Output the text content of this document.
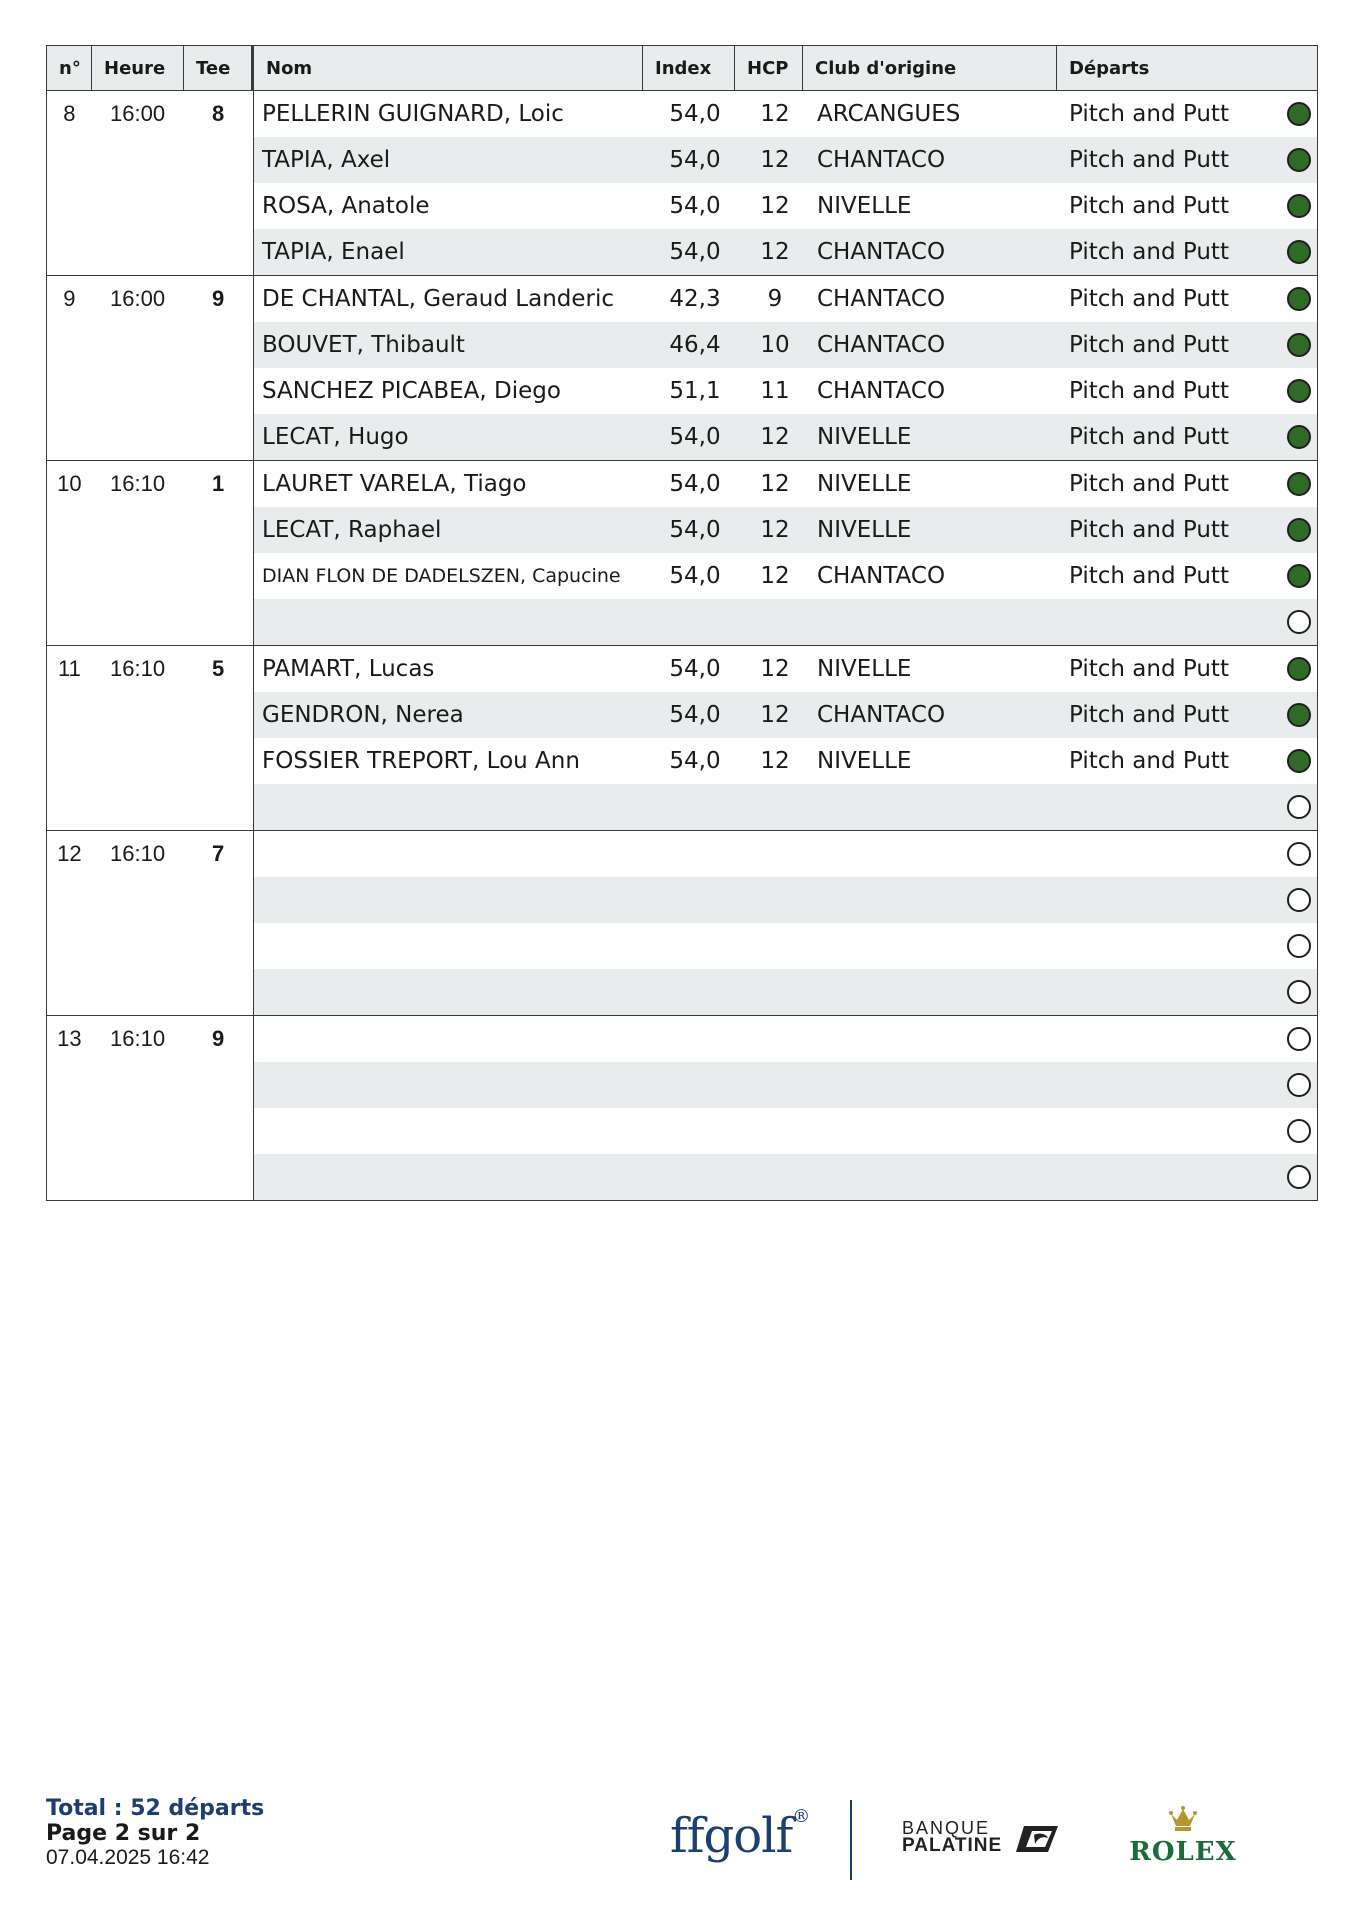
n°	Heure	Tee	Nom	Index	HCP	Club d'origine	Départs
8	16:00	8	PELLERIN GUIGNARD, Loic	54,0	12	ARCANGUES	Pitch and Putt
TAPIA, Axel	54,0	12	CHANTACO	Pitch and Putt
ROSA, Anatole	54,0	12	NIVELLE	Pitch and Putt
TAPIA, Enael	54,0	12	CHANTACO	Pitch and Putt
9	16:00	9	DE CHANTAL, Geraud Landeric	42,3	9	CHANTACO	Pitch and Putt
BOUVET, Thibault	46,4	10	CHANTACO	Pitch and Putt
SANCHEZ PICABEA, Diego	51,1	11	CHANTACO	Pitch and Putt
LECAT, Hugo	54,0	12	NIVELLE	Pitch and Putt
10	16:10	1	LAURET VARELA, Tiago	54,0	12	NIVELLE	Pitch and Putt
LECAT, Raphael	54,0	12	NIVELLE	Pitch and Putt
DIAN FLON DE DADELSZEN, Capucine	54,0	12	CHANTACO	Pitch and Putt
11	16:10	5	PAMART, Lucas	54,0	12	NIVELLE	Pitch and Putt
GENDRON, Nerea	54,0	12	CHANTACO	Pitch and Putt
FOSSIER TREPORT, Lou Ann	54,0	12	NIVELLE	Pitch and Putt
12	16:10	7
13	16:10	9
Total : 52 départs
Page 2 sur 2
07.04.2025 16:42	ffgolf®
BANQUE
PALATINE	ROLEX
